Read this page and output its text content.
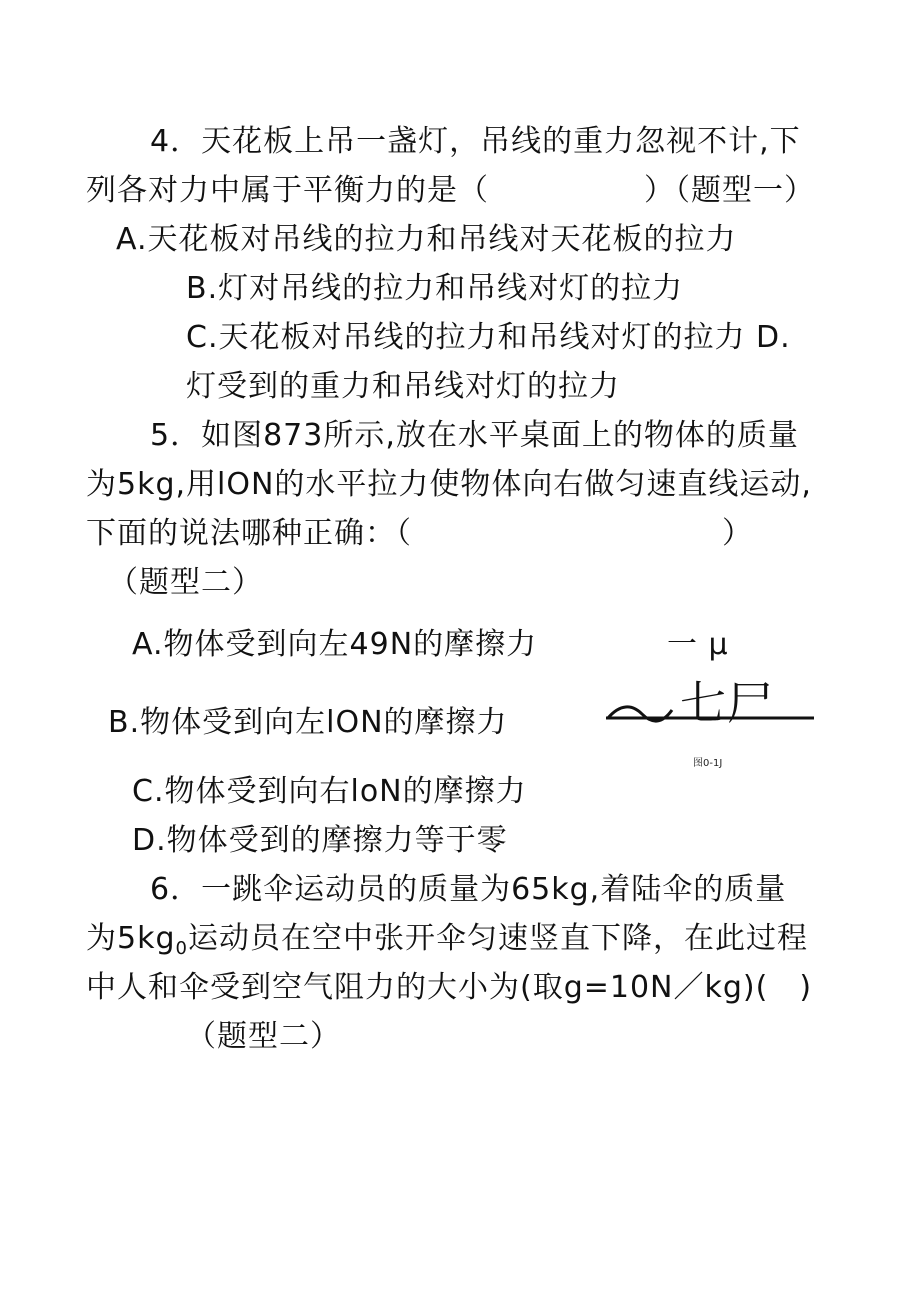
4．天花板上吊一盏灯，吊线的重力忽视不计,下
列各对力中属于平衡力的是（　　　　　）（题型一）
A.天花板对吊线的拉力和吊线对天花板的拉力
B.灯对吊线的拉力和吊线对灯的拉力
C.天花板对吊线的拉力和吊线对灯的拉力 D.
灯受到的重力和吊线对灯的拉力
5．如图873所示,放在水平桌面上的物体的质量
为5kg,用lON的水平拉力使物体向右做匀速直线运动,
下面的说法哪种正确：（　　　　　　　　　　）
（题型二）
A.物体受到向左49N的摩擦力
B.物体受到向左lON的摩擦力
C.物体受到向右loN的摩擦力
D.物体受到的摩擦力等于零
一 μ
七尸
图0-1J
6．一跳伞运动员的质量为65kg,着陆伞的质量
为$5kg_0$运动员在空中张开伞匀速竖直下降，在此过程
中人和伞受到空气阻力的大小为(取g=10N／kg)(　)
（题型二）
